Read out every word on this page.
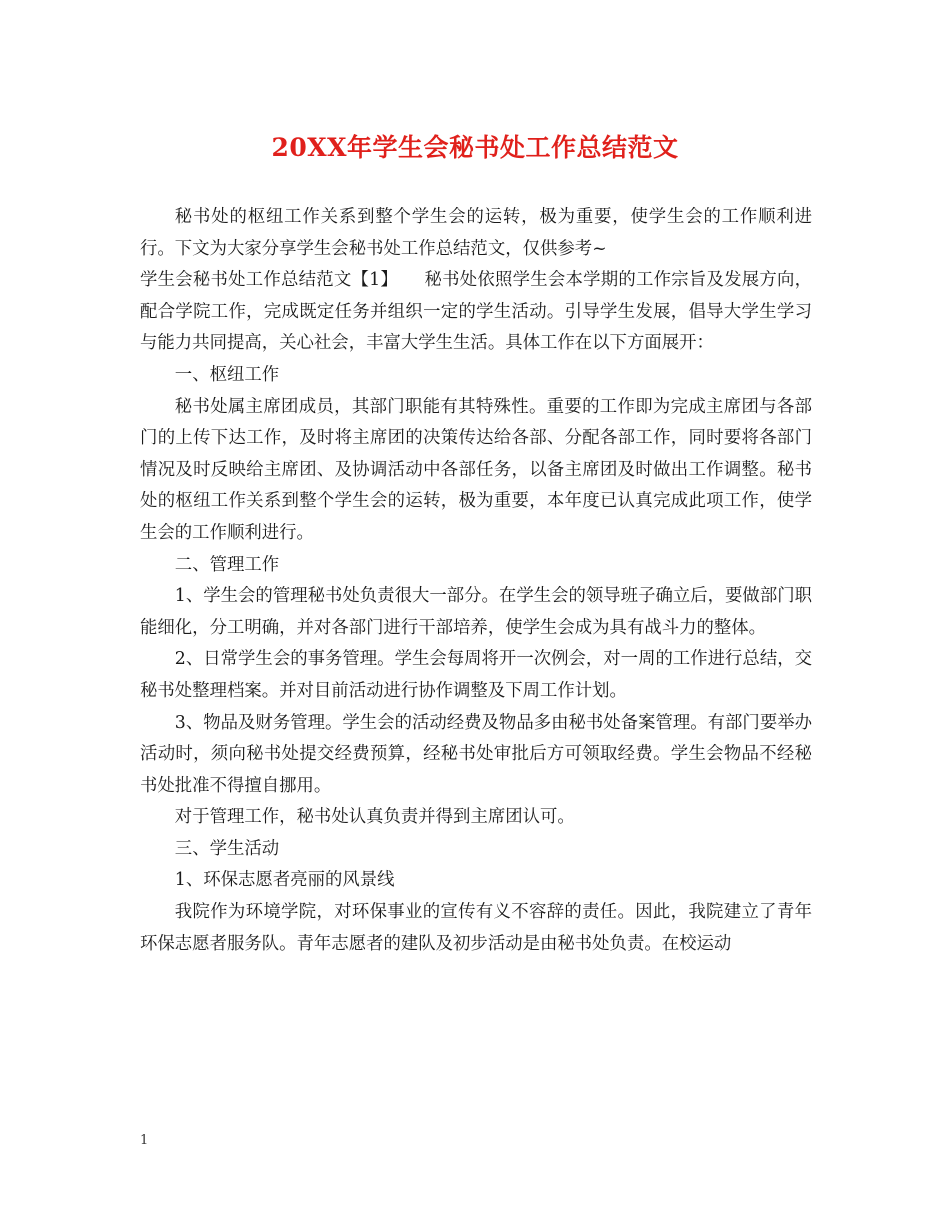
20XX年学生会秘书处工作总结范文

秘书处的枢纽工作关系到整个学生会的运转，极为重要，使学生会的工作顺利进行。下文为大家分享学生会秘书处工作总结范文，仅供参考~

学生会秘书处工作总结范文【1】　　秘书处依照学生会本学期的工作宗旨及发展方向，配合学院工作，完成既定任务并组织一定的学生活动。引导学生发展，倡导大学生学习与能力共同提高，关心社会，丰富大学生生活。具体工作在以下方面展开：

一、枢纽工作

秘书处属主席团成员，其部门职能有其特殊性。重要的工作即为完成主席团与各部门的上传下达工作，及时将主席团的决策传达给各部、分配各部工作，同时要将各部门情况及时反映给主席团、及协调活动中各部任务，以备主席团及时做出工作调整。秘书处的枢纽工作关系到整个学生会的运转，极为重要，本年度已认真完成此项工作，使学生会的工作顺利进行。

二、管理工作

1、学生会的管理秘书处负责很大一部分。在学生会的领导班子确立后，要做部门职能细化，分工明确，并对各部门进行干部培养，使学生会成为具有战斗力的整体。

2、日常学生会的事务管理。学生会每周将开一次例会，对一周的工作进行总结，交秘书处整理档案。并对目前活动进行协作调整及下周工作计划。

3、物品及财务管理。学生会的活动经费及物品多由秘书处备案管理。有部门要举办活动时，须向秘书处提交经费预算，经秘书处审批后方可领取经费。学生会物品不经秘书处批准不得擅自挪用。

对于管理工作，秘书处认真负责并得到主席团认可。

三、学生活动

1、环保志愿者亮丽的风景线

我院作为环境学院，对环保事业的宣传有义不容辞的责任。因此，我院建立了青年环保志愿者服务队。青年志愿者的建队及初步活动是由秘书处负责。在校运动

1
